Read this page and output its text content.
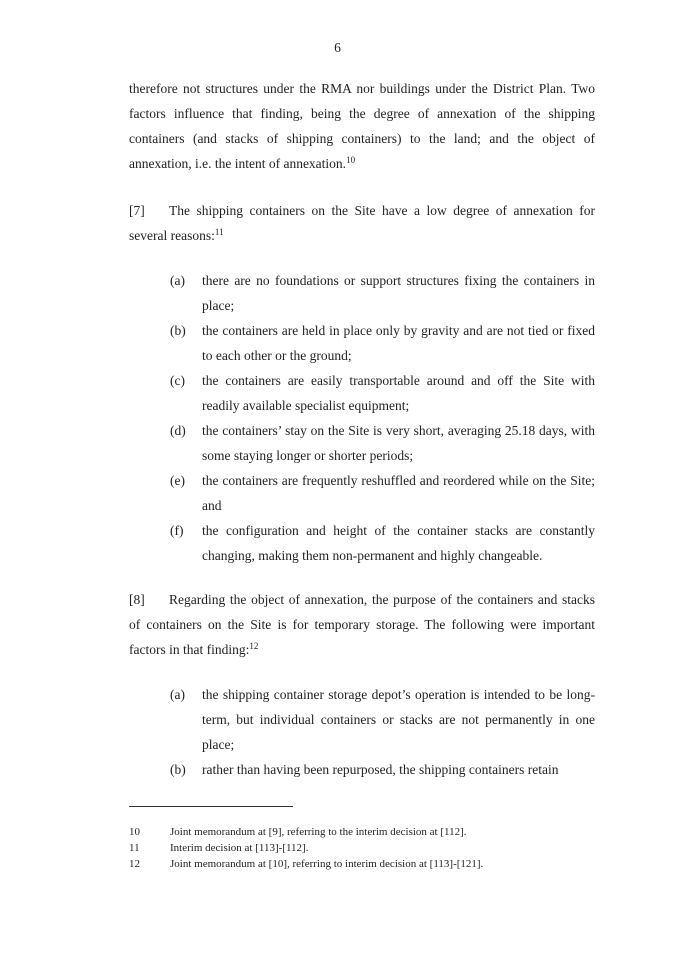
6

therefore not structures under the RMA nor buildings under the District Plan. Two factors influence that finding, being the degree of annexation of the shipping containers (and stacks of shipping containers) to the land; and the object of annexation, i.e. the intent of annexation.$^{10}$

[7] The shipping containers on the Site have a low degree of annexation for several reasons:$^{11}$

(a) there are no foundations or support structures fixing the containers in place;
(b) the containers are held in place only by gravity and are not tied or fixed to each other or the ground;
(c) the containers are easily transportable around and off the Site with readily available specialist equipment;
(d) the containers’ stay on the Site is very short, averaging 25.18 days, with some staying longer or shorter periods;
(e) the containers are frequently reshuffled and reordered while on the Site; and
(f) the configuration and height of the container stacks are constantly changing, making them non-permanent and highly changeable.

[8] Regarding the object of annexation, the purpose of the containers and stacks of containers on the Site is for temporary storage. The following were important factors in that finding:$^{12}$

(a) the shipping container storage depot’s operation is intended to be long-term, but individual containers or stacks are not permanently in one place;
(b) rather than having been repurposed, the shipping containers retain
10	Joint memorandum at [9], referring to the interim decision at [112].
11	Interim decision at [113]-[112].
12	Joint memorandum at [10], referring to interim decision at [113]-[121].
